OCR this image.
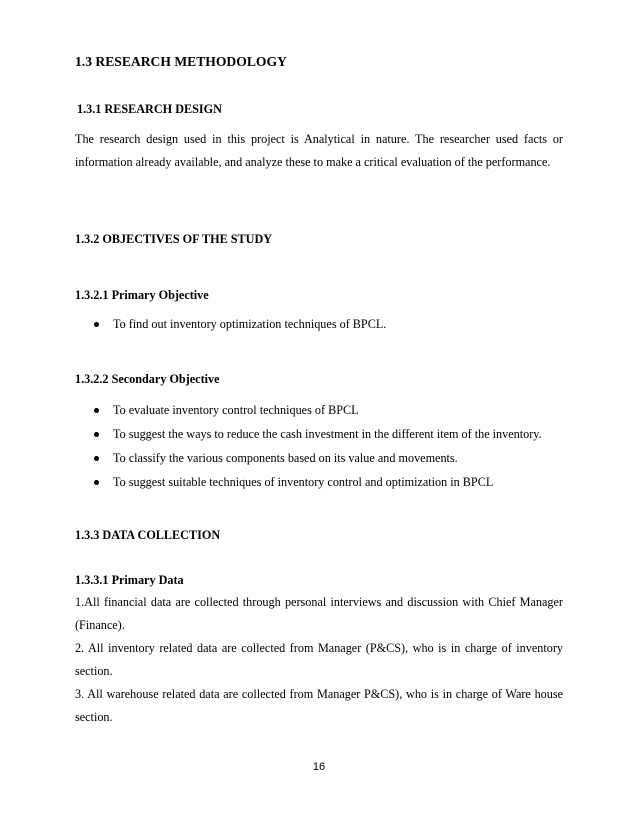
1.3 RESEARCH METHODOLOGY
1.3.1 RESEARCH DESIGN

The research design used in this project is Analytical in nature. The researcher used facts or information already available, and analyze these to make a critical evaluation of the performance.

1.3.2 OBJECTIVES OF THE STUDY
1.3.2.1 Primary Objective
To find out inventory optimization techniques of BPCL.
1.3.2.2 Secondary Objective
To evaluate inventory control techniques of BPCL
To suggest the ways to reduce the cash investment in the different item of the inventory.
To classify the various components based on its value and movements.
To suggest suitable techniques of inventory control and optimization in BPCL
1.3.3 DATA COLLECTION
1.3.3.1 Primary Data

1.All financial data are collected through personal interviews and discussion with Chief Manager (Finance).

2. All inventory related data are collected from Manager (P&CS), who is in charge of inventory section.

3. All warehouse related data are collected from Manager P&CS), who is in charge of Ware house section.

16
